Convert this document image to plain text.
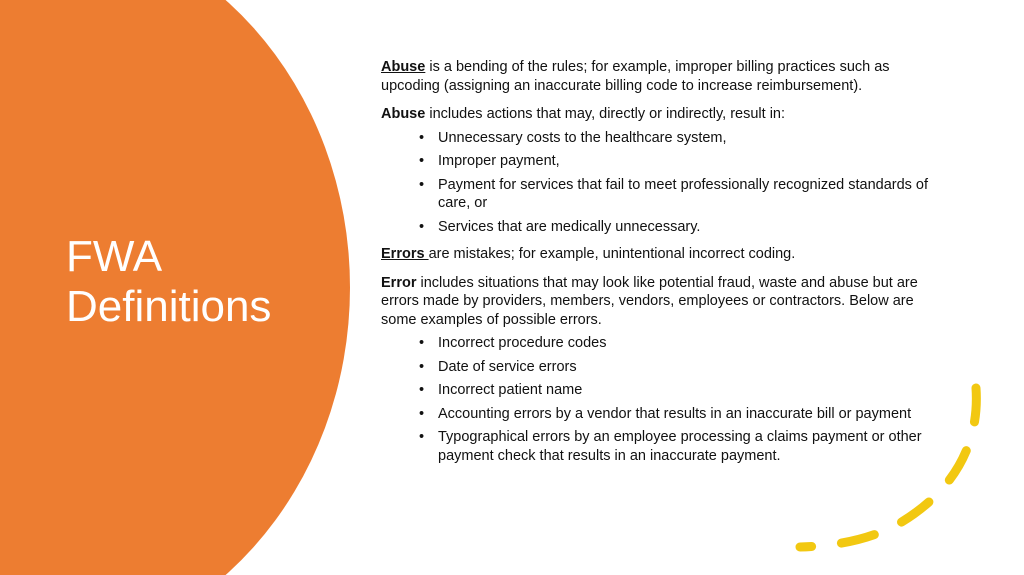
FWA
Definitions

Abuse is a bending of the rules; for example, improper billing practices such as upcoding (assigning an inaccurate billing code to increase reimbursement).

Abuse includes actions that may, directly or indirectly, result in:

• Unnecessary costs to the healthcare system,
• Improper payment,
• Payment for services that fail to meet professionally recognized standards of care, or
• Services that are medically unnecessary.

Errors are mistakes; for example, unintentional incorrect coding.

Error includes situations that may look like potential fraud, waste and abuse but are errors made by providers, members, vendors, employees or contractors. Below are some examples of possible errors.

• Incorrect procedure codes
• Date of service errors
• Incorrect patient name
• Accounting errors by a vendor that results in an inaccurate bill or payment
• Typographical errors by an employee processing a claims payment or other payment check that results in an inaccurate payment.
